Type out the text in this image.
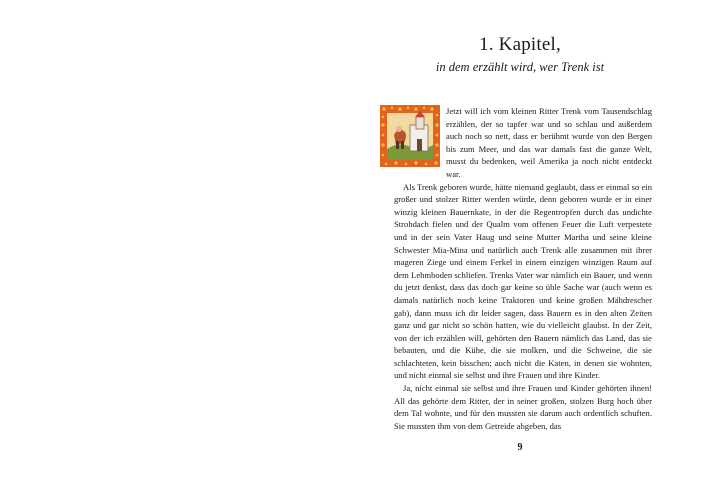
1. Kapitel,
in dem erzählt wird, wer Trenk ist

Jetzt will ich vom kleinen Ritter Trenk vom Tausendschlag erzählen, der so tapfer war und so schlau und außerdem auch noch so nett, dass er berühmt wurde von den Bergen bis zum Meer, und das war damals fast die ganze Welt, musst du bedenken, weil Amerika ja noch nicht entdeckt war.

Als Trenk geboren wurde, hätte niemand geglaubt, dass er einmal so ein großer und stolzer Ritter werden würde, denn geboren wurde er in einer winzig kleinen Bauernkate, in der die Regentropfen durch das undichte Strohdach fielen und der Qualm vom offenen Feuer die Luft verpestete und in der sein Vater Haug und seine Mutter Martha und seine kleine Schwester Mia-Mina und natürlich auch Trenk alle zusammen mit ihrer mageren Ziege und einem Ferkel in einem einzigen winzigen Raum auf dem Lehmboden schliefen. Trenks Vater war nämlich ein Bauer, und wenn du jetzt denkst, dass das doch gar keine so üble Sache war (auch wenn es damals natürlich noch keine Traktoren und keine großen Mähdrescher gab), dann muss ich dir leider sagen, dass Bauern es in den alten Zeiten ganz und gar nicht so schön hatten, wie du vielleicht glaubst. In der Zeit, von der ich erzählen will, gehörten den Bauern nämlich das Land, das sie bebauten, und die Kühe, die sie molken, und die Schweine, die sie schlachteten, kein bisschen; auch nicht die Katen, in denen sie wohnten, und nicht einmal sie selbst und ihre Frauen und ihre Kinder.

Ja, nicht einmal sie selbst und ihre Frauen und Kinder gehörten ihnen! All das gehörte dem Ritter, der in seiner großen, stolzen Burg hoch über dem Tal wohnte, und für den mussten sie darum auch ordentlich schuften. Sie mussten ihm von dem Getreide abgeben, das

9
